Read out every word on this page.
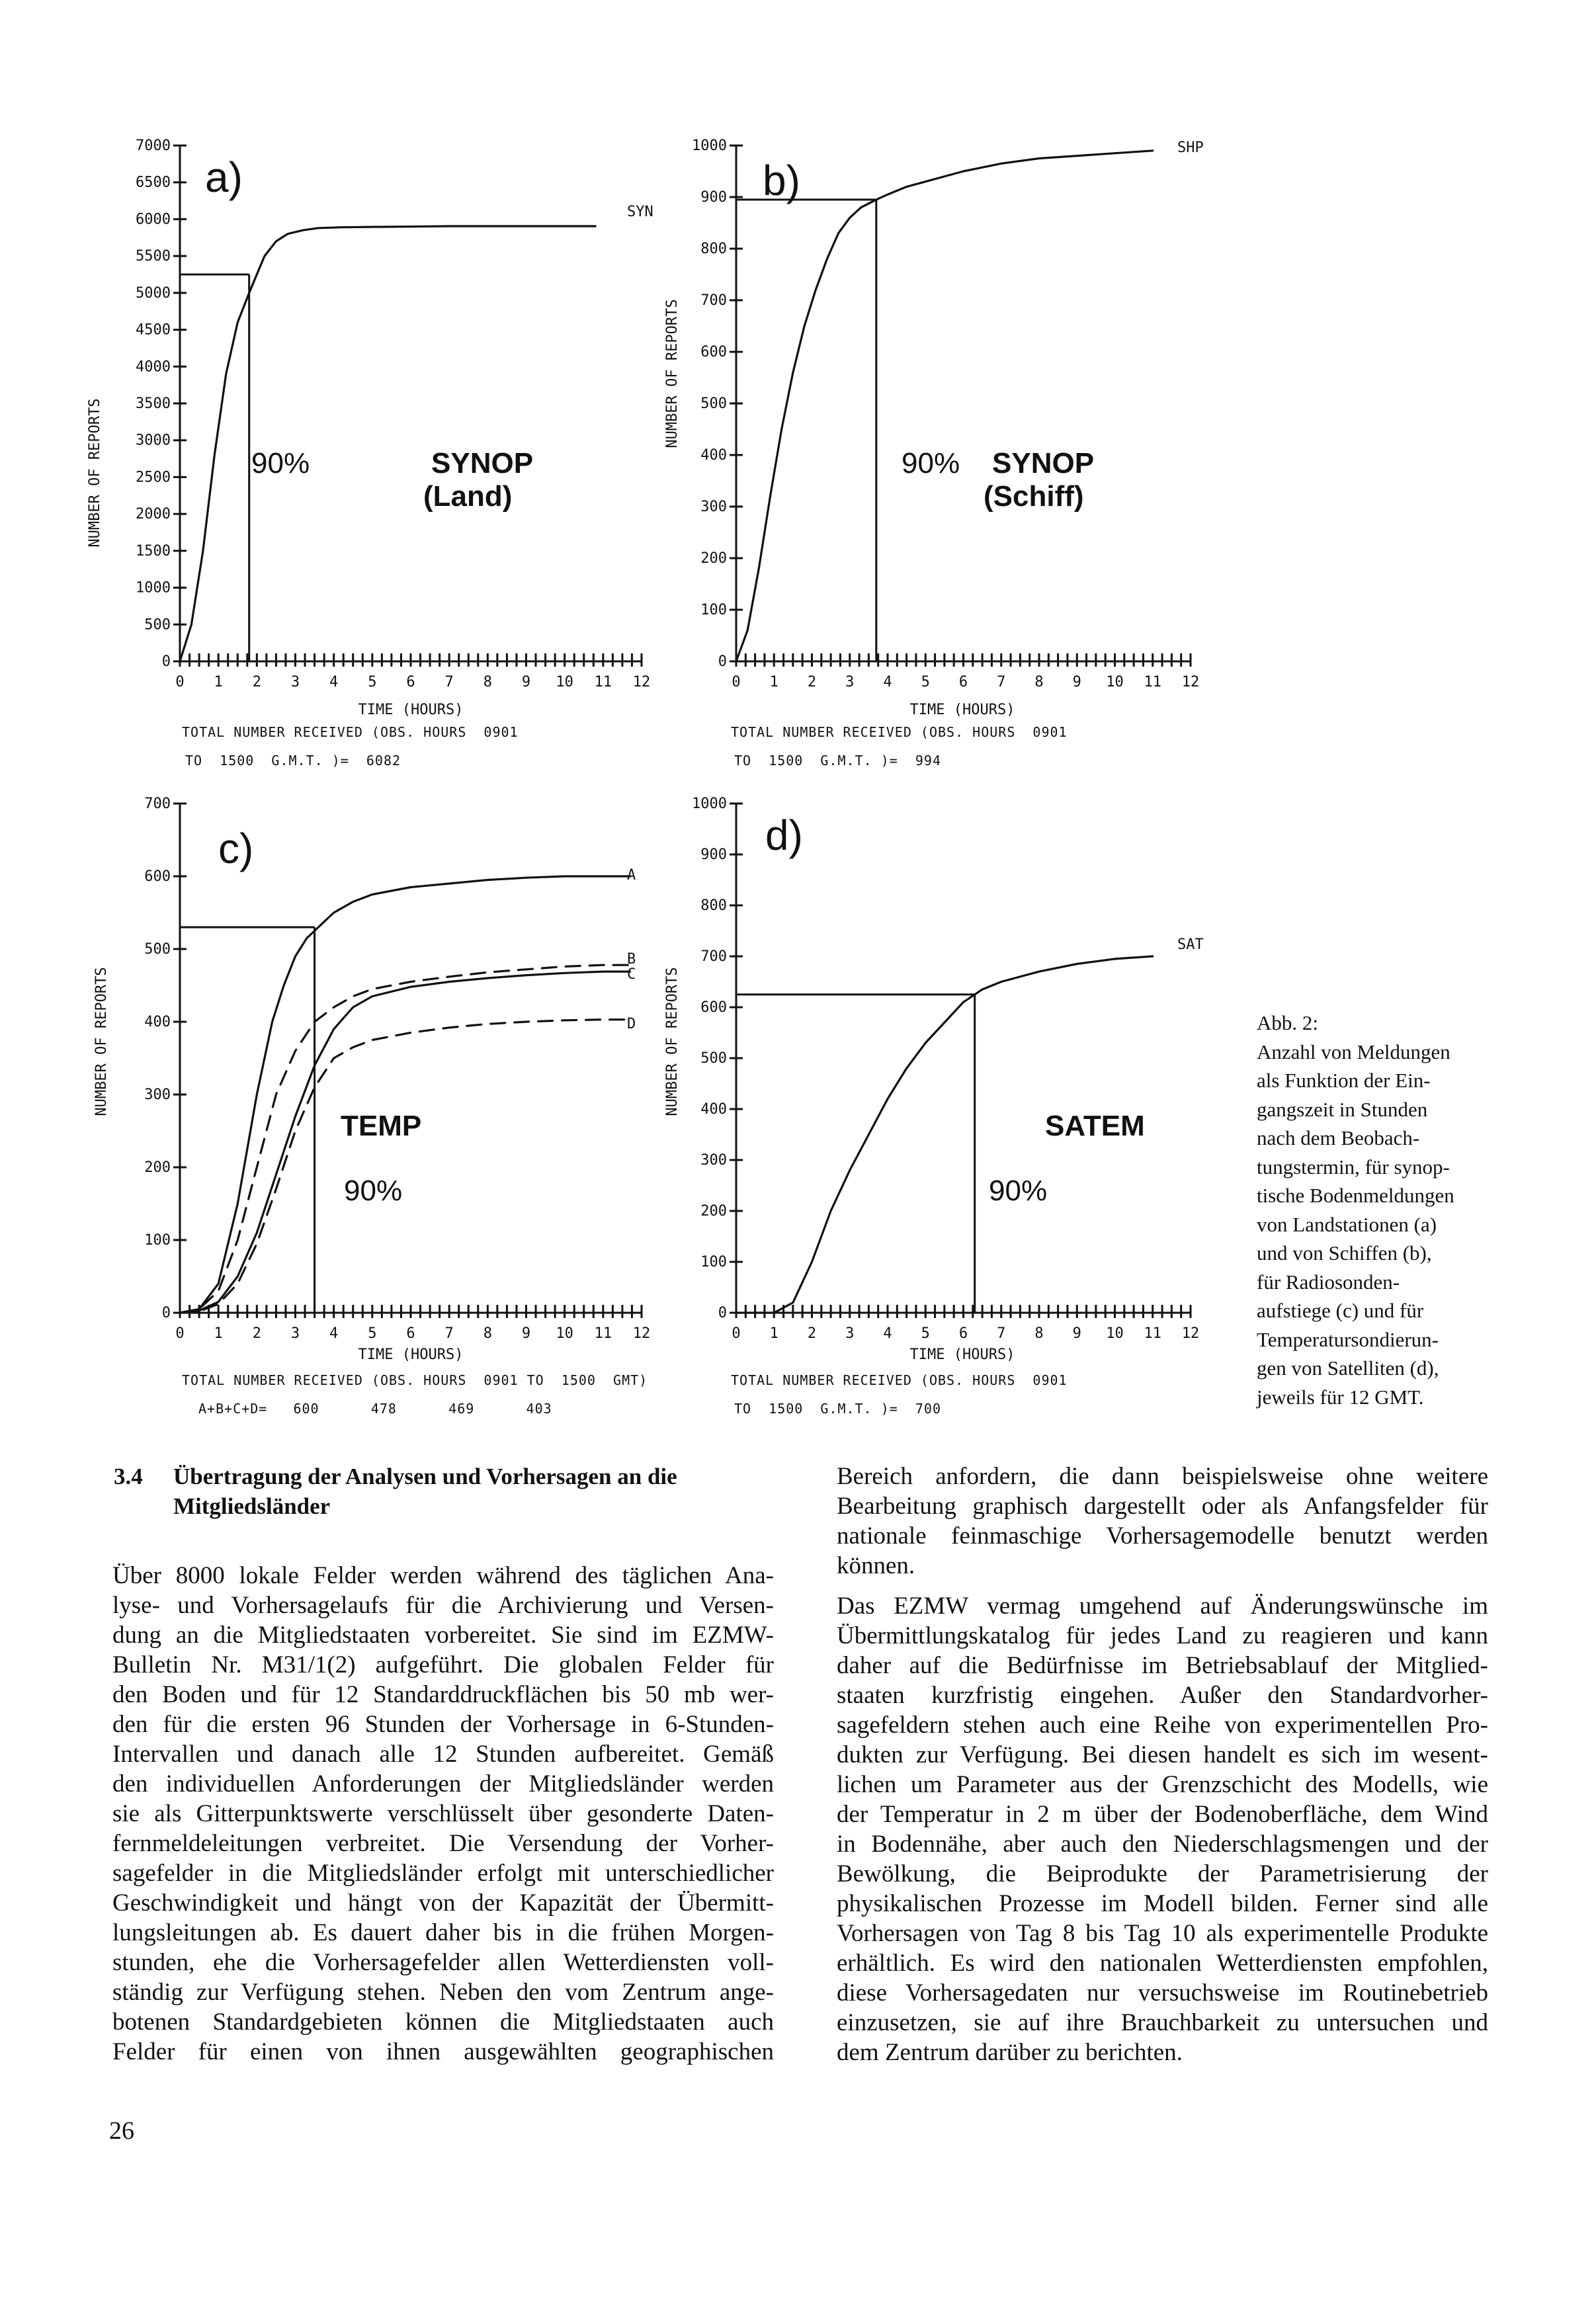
7000
6500
6000
5500
5000
4500
4000
3500
3000
2500
2000
1500
1000
500
0
0 1 2 3 4 5 6 7 8 9 10 11 12
a)
NUMBER OF REPORTS
TIME (HOURS)
SYN
90%	SYNOP
(Land)
TOTAL NUMBER RECEIVED (OBS. HOURS  0901
TO  1500  G.M.T. )=  6082
1000
900
800
700
600
500
400
300
200
100
0
0 1 2 3 4 5 6 7 8 9 10 11 12
b)
NUMBER OF REPORTS
TIME (HOURS)
SHP
90% SYNOP
(Schiff)
TOTAL NUMBER RECEIVED (OBS. HOURS  0901
TO  1500  G.M.T. )=  994
700
600
500
400
300
200
100
0
0 1 2 3 4 5 6 7 8 9 10 11 12
c)
NUMBER OF REPORTS
TIME (HOURS)
A
B
C
D
TEMP
90%
TOTAL NUMBER RECEIVED (OBS. HOURS  0901 TO  1500  GMT)
A+B+C+D=   600      478      469      403
1000
900
800
700
600
500
400
300
200
100
0
0 1 2 3 4 5 6 7 8 9 10 11 12
d)
NUMBER OF REPORTS
TIME (HOURS)
SAT
SATEM
90%
TOTAL NUMBER RECEIVED (OBS. HOURS  0901
TO  1500  G.M.T. )=  700
Abb. 2:
Anzahl von Meldungen
als Funktion der Ein-
gangszeit in Stunden
nach dem Beobach-
tungstermin, für synop-
tische Bodenmeldungen
von Landstationen (a)
und von Schiffen (b),
für Radiosonden-
aufstiege (c) und für
Temperatursondierun-
gen von Satelliten (d),
jeweils für 12 GMT.
3.4 Übertragung der Analysen und Vorhersagen an die
Mitgliedsländer
Über 8000 lokale Felder werden während des täglichen Ana-
lyse- und Vorhersagelaufs für die Archivierung und Versen-
dung an die Mitgliedstaaten vorbereitet. Sie sind im EZMW-
Bulletin Nr. M31/1(2) aufgeführt. Die globalen Felder für
den Boden und für 12 Standarddruckflächen bis 50 mb wer-
den für die ersten 96 Stunden der Vorhersage in 6-Stunden-
Intervallen und danach alle 12 Stunden aufbereitet. Gemäß
den individuellen Anforderungen der Mitgliedsländer werden
sie als Gitterpunktswerte verschlüsselt über gesonderte Daten-
fernmeldeleitungen verbreitet. Die Versendung der Vorher-
sagefelder in die Mitgliedsländer erfolgt mit unterschiedlicher
Geschwindigkeit und hängt von der Kapazität der Übermitt-
lungsleitungen ab. Es dauert daher bis in die frühen Morgen-
stunden, ehe die Vorhersagefelder allen Wetterdiensten voll-
ständig zur Verfügung stehen. Neben den vom Zentrum ange-
botenen Standardgebieten können die Mitgliedstaaten auch
Felder für einen von ihnen ausgewählten geographischen
Bereich anfordern, die dann beispielsweise ohne weitere
Bearbeitung graphisch dargestellt oder als Anfangsfelder für
nationale feinmaschige Vorhersagemodelle benutzt werden
können.
Das EZMW vermag umgehend auf Änderungswünsche im
Übermittlungskatalog für jedes Land zu reagieren und kann
daher auf die Bedürfnisse im Betriebsablauf der Mitglied-
staaten kurzfristig eingehen. Außer den Standardvorher-
sagefeldern stehen auch eine Reihe von experimentellen Pro-
dukten zur Verfügung. Bei diesen handelt es sich im wesent-
lichen um Parameter aus der Grenzschicht des Modells, wie
der Temperatur in 2 m über der Bodenoberfläche, dem Wind
in Bodennähe, aber auch den Niederschlagsmengen und der
Bewölkung, die Beiprodukte der Parametrisierung der
physikalischen Prozesse im Modell bilden. Ferner sind alle
Vorhersagen von Tag 8 bis Tag 10 als experimentelle Produkte
erhältlich. Es wird den nationalen Wetterdiensten empfohlen,
diese Vorhersagedaten nur versuchsweise im Routinebetrieb
einzusetzen, sie auf ihre Brauchbarkeit zu untersuchen und
dem Zentrum darüber zu berichten.
26
